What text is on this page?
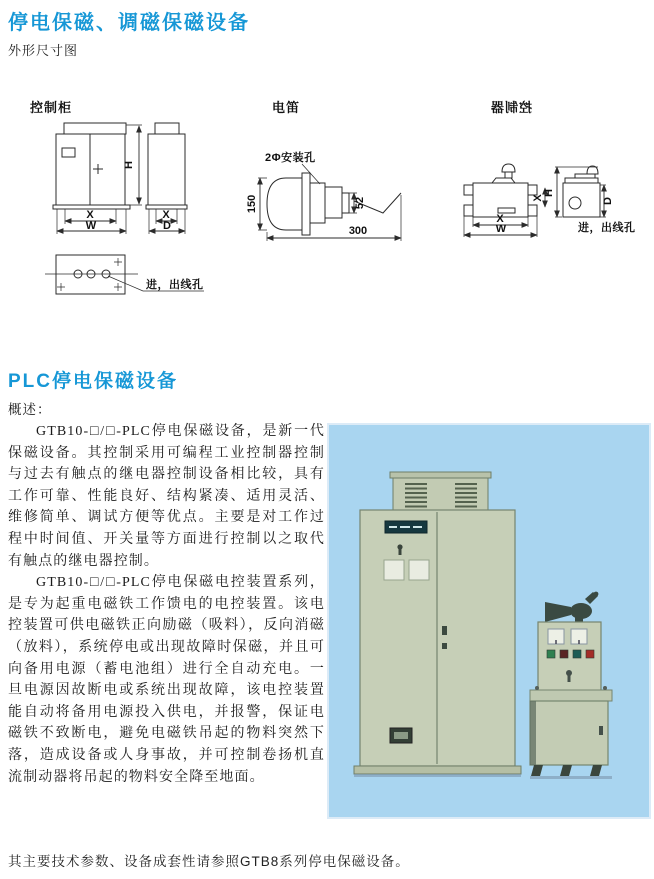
停电保磁、调磁保磁设备
外形尺寸图
控制柜	电笛	控制器
H
X
W
X
D
进，出线孔
2Φ安装孔
52
150
300
X
X
W
H
D
进，出线孔
PLC停电保磁设备
概述：

GTB10-□/□-PLC停电保磁设备，是新一代保磁设备。其控制采用可编程工业控制器控制与过去有触点的继电器控制设备相比较，具有工作可靠、性能良好、结构紧凑、适用灵活、维修简单、调试方便等优点。主要是对工作过程中时间值、开关量等方面进行控制以之取代有触点的继电器控制。

GTB10-□/□-PLC停电保磁电控装置系列，是专为起重电磁铁工作馈电的电控装置。该电控装置可供电磁铁正向励磁（吸料），反向消磁（放料），系统停电或出现故障时保磁，并且可向备用电源（蓄电池组）进行全自动充电。一旦电源因故断电或系统出现故障，该电控装置能自动将备用电源投入供电，并报警，保证电磁铁不致断电，避免电磁铁吊起的物料突然下落，造成设备或人身事故，并可控制卷扬机直流制动器将吊起的物料安全降至地面。

其主要技术参数、设备成套性请参照GTB8系列停电保磁设备。
